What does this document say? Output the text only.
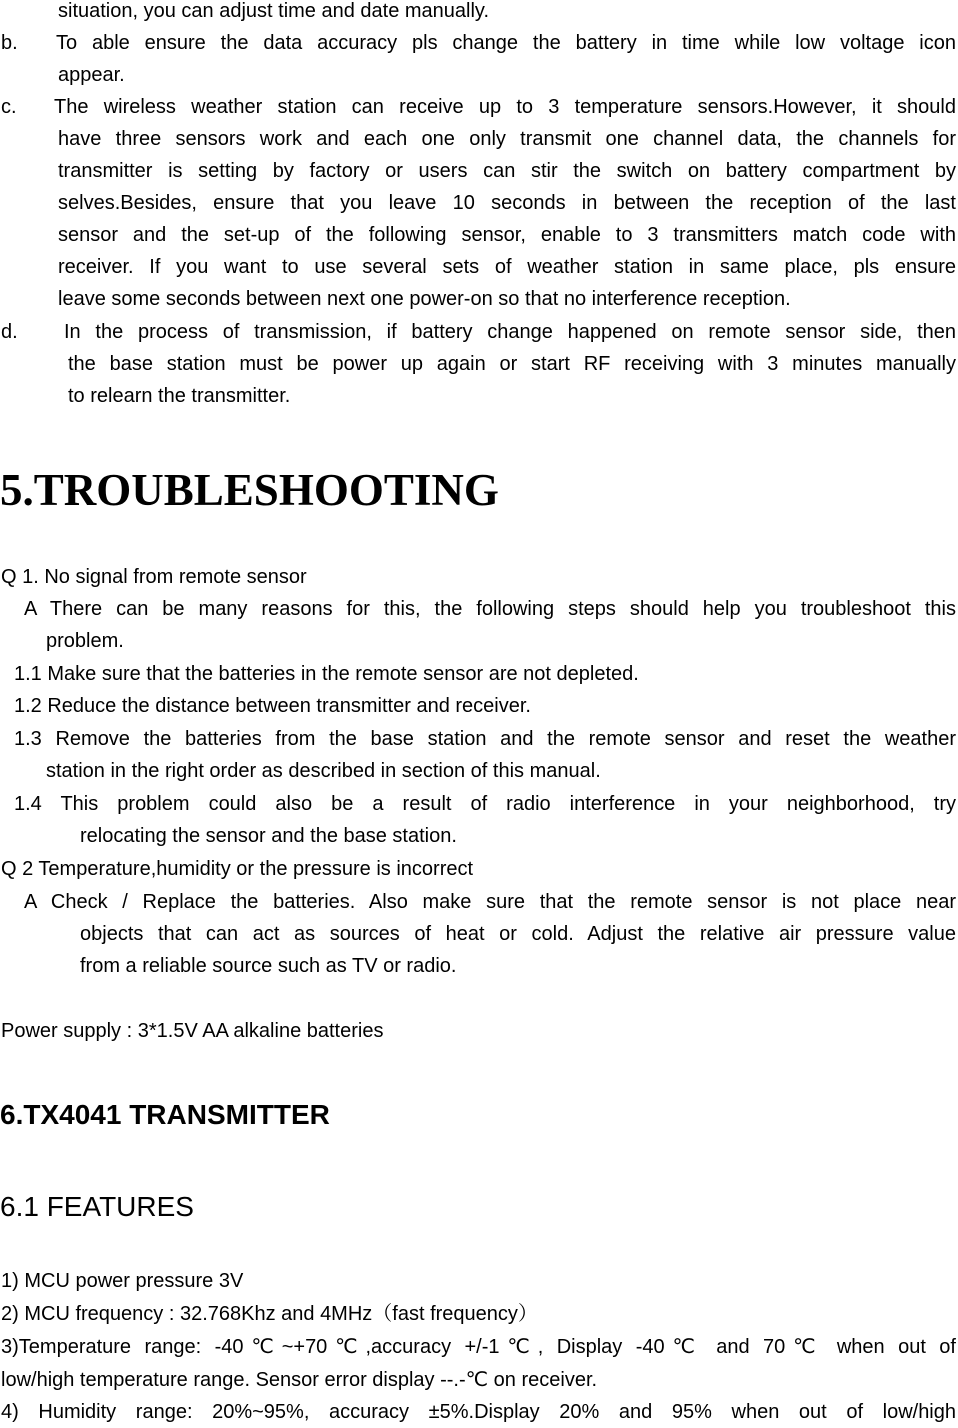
situation, you can adjust time and date manually.
b. To able ensure the data accuracy pls change the battery in time while low voltage icon
appear.
c. The wireless weather station can receive up to 3 temperature sensors.However, it should
have three sensors work and each one only transmit one channel data, the channels for
transmitter is setting by factory or users can stir the switch on battery compartment by
selves.Besides, ensure that you leave 10 seconds in between the reception of the last
sensor and the set-up of the following sensor, enable to 3 transmitters match code with
receiver. If you want to use several sets of weather station in same place, pls ensure
leave some seconds between next one power-on so that no interference reception.
d. In the process of transmission, if battery change happened on remote sensor side, then
the base station must be power up again or start RF receiving with 3 minutes manually
to relearn the transmitter.
5.TROUBLESHOOTING
Q 1. No signal from remote sensor
A There can be many reasons for this, the following steps should help you troubleshoot this
problem.
1.1 Make sure that the batteries in the remote sensor are not depleted.
1.2 Reduce the distance between transmitter and receiver.
1.3 Remove the batteries from the base station and the remote sensor and reset the weather
station in the right order as described in section of this manual.
1.4 This problem could also be a result of radio interference in your neighborhood, try
relocating the sensor and the base station.
Q 2 Temperature,humidity or the pressure is incorrect
A Check / Replace the batteries. Also make sure that the remote sensor is not place near
objects that can act as sources of heat or cold. Adjust the relative air pressure value
from a reliable source such as TV or radio.
Power supply : 3*1.5V AA alkaline batteries
6.TX4041 TRANSMITTER
6.1 FEATURES
1) MCU power pressure 3V
2) MCU frequency : 32.768Khz and 4MHz（fast frequency）
3)Temperature range: -40℃~+70℃,accuracy +/-1℃, Display -40℃ and 70℃ when out of
low/high temperature range. Sensor error display --.-℃ on receiver.
4) Humidity range: 20%~95%, accuracy ±5%.Display 20% and 95% when out of low/high
